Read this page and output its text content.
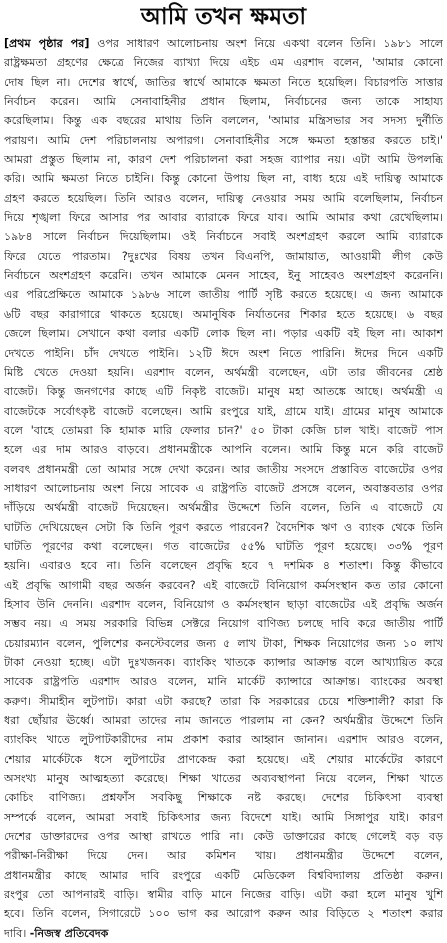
আমি তখন ক্ষমতা
[প্রথম পৃষ্ঠার পর] ওপর সাধারণ আলোচনায় অংশ নিয়ে একথা বলেন তিনি। ১৯৮১ সালে
রাষ্ট্রক্ষমতা গ্রহণের ক্ষেত্রে নিজের ব্যাখ্যা দিয়ে এইচ এম এরশাদ বলেন, 'আমার কোনো
দোষ ছিল না। দেশের স্বার্থে, জাতির স্বার্থে আমাকে ক্ষমতা নিতে হয়েছিল। বিচারপতি সাত্তার
নির্বাচন করেন। আমি সেনাবাহিনীর প্রধান ছিলাম, নির্বাচনের জন্য তাকে সাহায্য
করেছিলাম। কিন্তু এক বছরের মাথায় তিনি বললেন, 'আমার মন্ত্রিসভার সব সদস্য দুর্নীতি
পরায়ণ। আমি দেশ পরিচালনায় অপারগ। সেনাবাহিনীর সঙ্গে ক্ষমতা হস্তান্তর করতে চাই।'
আমরা প্রস্তুত ছিলাম না, কারণ দেশ পরিচালনা করা সহজ ব্যাপার নয়। এটা আমি উপলব্ধি
করি। আমি ক্ষমতা নিতে চাইনি। কিন্তু কোনো উপায় ছিল না, বাধ্য হয়ে এই দায়িত্ব আমাকে
গ্রহণ করতে হয়েছিল। তিনি আরও বলেন, দায়িত্ব নেওয়ার সময় আমি বলেছিলাম, নির্বাচন
দিয়ে শৃঙ্খলা ফিরে আসার পর আবার ব্যারাকে ফিরে যাব। আমি আমার কথা রেখেছিলাম।
১৯৮৪ সালে নির্বাচন দিয়েছিলাম। ওই নির্বাচনে সবাই অংশগ্রহণ করলে আমি ব্যারাকে
ফিরে যেতে পারতাম। ?দুঃখের বিষয় তখন বিএনপি, জামায়াত, আওয়ামী লীগ কেউ
নির্বাচনে অংশগ্রহণ করেনি। তখন আমাকে মেনন সাহেব, ইনু সাহেবও অংশগ্রহণ করেননি।
এর পরিপ্রেক্ষিতে আমাকে ১৯৮৬ সালে জাতীয় পার্টি সৃষ্টি করতে হয়েছে। এ জন্য আমাকে
৬টি বছর কারাগারে থাকতে হয়েছে। অমানুষিক নির্যাতনের শিকার হতে হয়েছে। ৬ বছর
জেলে ছিলাম। সেখানে কথা বলার একটি লোক ছিল না। পড়ার একটি বই ছিল না। আকাশ
দেখতে পাইনি। চাঁদ দেখতে পাইনি। ১২টি ঈদে অংশ নিতে পারিনি। ঈদের দিনে একটি
মিষ্টি খেতে দেওয়া হয়নি। এরশাদ বলেন, অর্থমন্ত্রী বলেছেন, এটা তার জীবনের শ্রেষ্ঠ
বাজেট। কিন্তু জনগণের কাছে এটি নিকৃষ্ট বাজেট। মানুষ মহা আতঙ্কে আছে। অর্থমন্ত্রী এ
বাজেটকে সর্বোৎকৃষ্ট বাজেট বলেছেন। আমি রংপুরে যাই, গ্রামে যাই। গ্রামের মানুষ আমাকে
বলে 'বাহে তোমরা কি হামাক মারি ফেলার চান?' ৫০ টাকা কেজি চাল খাই। বাজেট পাস
হলে এর দাম আরও বাড়বে। প্রধানমন্ত্রীকে আপনি বলেন। আমি কিন্তু মনে করি বাজেট
বলবৎ প্রধানমন্ত্রী তো আমার সঙ্গে দেখা করেন। আর জাতীয় সংসদে প্রস্তাবিত বাজেটের ওপর
সাধারণ আলোচনায় অংশ নিয়ে সাবেক এ রাষ্ট্রপতি বাজেট প্রসঙ্গে বলেন, অবাস্তবতার ওপর
দাঁড়িয়ে অর্থমন্ত্রী বাজেট দিয়েছেন। অর্থমন্ত্রীর উদ্দেশে তিনি বলেন, তিনি এ বাজেটে যে
ঘাটতি দেখিয়েছেন সেটা কি তিনি পূরণ করতে পারবেন? বৈদেশিক ঋণ ও ব্যাংক থেকে তিনি
ঘাটতি পূরণের কথা বলেছেন। গত বাজেটের ৫৫% ঘাটতি পূরণ হয়েছে। ৩৩% পূরণ
হয়নি। এবারও হবে না। তিনি বলেছেন প্রবৃদ্ধি হবে ৭ দশমিক ৪ শতাংশ। কিন্তু কীভাবে
এই প্রবৃদ্ধি আগামী বছর অর্জন করবেন? এই বাজেটে বিনিয়োগ কর্মসংস্থান কত তার কোনো
হিসাব উনি দেননি। এরশাদ বলেন, বিনিয়োগ ও কর্মসংস্থান ছাড়া বাজেটের এই প্রবৃদ্ধি অর্জন
সম্ভব নয়। এ সময় সরকারি বিভিন্ন সেক্টরে নিয়োগ বাণিজ্য চলছে দাবি করে জাতীয় পার্টি
চেয়ারম্যান বলেন, পুলিশের কনস্টেবলের জন্য ৫ লাখ টাকা, শিক্ষক নিয়োগের জন্য ১০ লাখ
টাকা নেওয়া হচ্ছে। এটা দুঃখজনক। ব্যাংকিং খাতকে ক্যান্সার আক্রান্ত বলে আখ্যায়িত করে
সাবেক রাষ্ট্রপতি এরশাদ আরও বলেন, মানি মার্কেট ক্যান্সারে আক্রান্ত। ব্যাংকের অবস্থা
করুণ। সীমাহীন লুটপাট। কারা এটা করছে? তারা কি সরকারের চেয়ে শক্তিশালী? কারা কি
ধরা ছোঁয়ার ঊর্ধ্বে। আমরা তাদের নাম জানতে পারলাম না কেন? অর্থমন্ত্রীর উদ্দেশে তিনি
ব্যাংকিং খাতে লুটপাটকারীদের নাম প্রকাশ করার আহ্বান জানান। এরশাদ আরও বলেন,
শেয়ার মার্কেটকে ধসে লুটপাটের প্রাণকেন্দ্র করা হয়েছে। এই শেয়ার মার্কেটের কারণে
অসংখ্য মানুষ আত্মহত্যা করেছে। শিক্ষা খাতের অব্যবস্থাপনা নিয়ে বলেন, শিক্ষা খাতে
কোচিং বাণিজ্য। প্রশ্নফাঁস সবকিছু শিক্ষাকে নষ্ট করছে। দেশের চিকিৎসা ব্যবস্থা
সম্পর্কে বলেন, আমরা সবাই চিকিৎসার জন্য বিদেশে যাই। আমি সিঙ্গাপুর যাই। কারণ
দেশের ডাক্তারদের ওপর আস্থা রাখতে পারি না। কেউ ডাক্তারের কাছে গেলেই বড় বড়
পরীক্ষা-নিরীক্ষা দিয়ে দেন। আর কমিশন খায়। প্রধানমন্ত্রীর উদ্দেশে বলেন,
প্রধানমন্ত্রীর কাছে আমার দাবি রংপুরে একটি মেডিকেল বিশ্ববিদ্যালয় প্রতিষ্ঠা করুন।
রংপুর তো আপনারই বাড়ি। স্বামীর বাড়ি মানে নিজের বাড়ি। এটা করা হলে মানুষ খুশি
হবে। তিনি বলেন, সিগারেটে ১০০ ভাগ কর আরোপ করুন আর বিড়িতে ২ শতাংশ করার
দাবি। -নিজস্ব প্রতিবেদক
